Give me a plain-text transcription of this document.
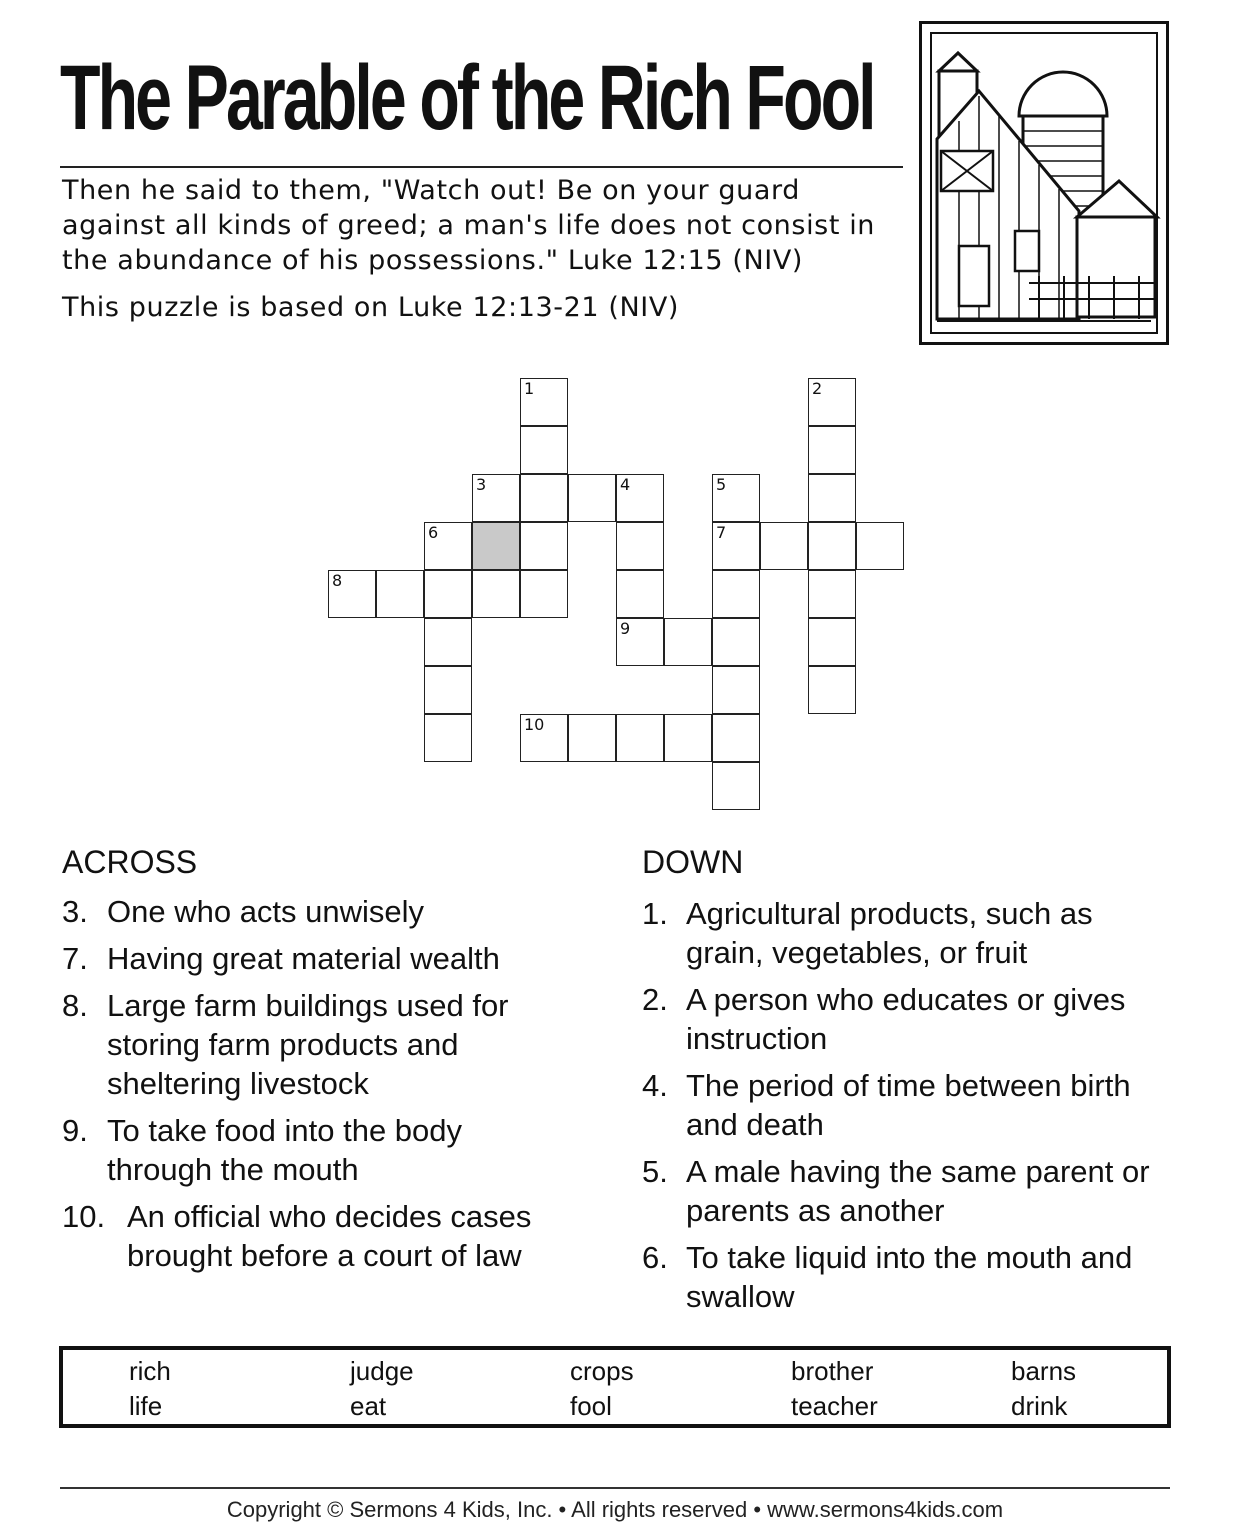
The Parable of the Rich Fool
Then he said to them, "Watch out! Be on your guard against all kinds of greed; a man's life does not consist in the abundance of his possessions." Luke 12:15 (NIV)
This puzzle is based on Luke 12:13-21 (NIV)
1	2
3	4	5
7
6
8
9
10
ACROSS	DOWN
3. One who acts unwisely
7. Having great material wealth
8. Large farm buildings used for storing farm products and sheltering livestock
9. To take food into the body through the mouth
10. An official who decides cases brought before a court of law
1. Agricultural products, such as grain, vegetables, or fruit
2. A person who educates or gives instruction
4. The period of time between birth and death
5. A male having the same parent or parents as another
6. To take liquid into the mouth and swallow
rich	judge	crops	brother	barns
life	eat	fool	teacher	drink
Copyright © Sermons 4 Kids, Inc. • All rights reserved • www.sermons4kids.com
